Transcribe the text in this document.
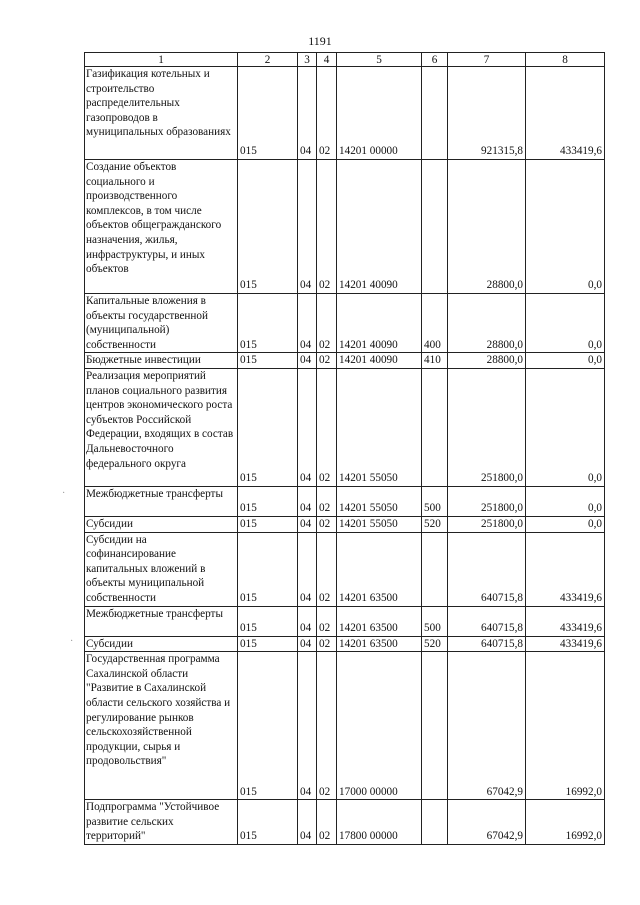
1191
1	2	3	4	5	6	7	8
Газификация котельных и строительство распределительных газопроводов в муниципальных образованиях	015	04	02	14201 00000		921315,8	433419,6
Создание объектов социального и производственного комплексов, в том числе объектов общегражданского назначения, жилья, инфраструктуры, и иных объектов	015	04	02	14201 40090		28800,0	0,0
Капитальные вложения в объекты государственной (муниципальной) собственности	015	04	02	14201 40090	400	28800,0	0,0
Бюджетные инвестиции	015	04	02	14201 40090	410	28800,0	0,0
Реализация мероприятий планов социального развития центров экономического роста субъектов Российской Федерации, входящих в состав Дальневосточного федерального округа	015	04	02	14201 55050		251800,0	0,0
Межбюджетные трансферты	015	04	02	14201 55050	500	251800,0	0,0
Субсидии	015	04	02	14201 55050	520	251800,0	0,0
Субсидии на софинансирование капитальных вложений в объекты муниципальной собственности	015	04	02	14201 63500		640715,8	433419,6
Межбюджетные трансферты	015	04	02	14201 63500	500	640715,8	433419,6
Субсидии	015	04	02	14201 63500	520	640715,8	433419,6
Государственная программа Сахалинской области "Развитие в Сахалинской области сельского хозяйства и регулирование рынков сельскохозяйственной продукции, сырья и продовольствия"	015	04	02	17000 00000		67042,9	16992,0
Подпрограмма "Устойчивое развитие сельских территорий"	015	04	02	17800 00000		67042,9	16992,0
·
·
